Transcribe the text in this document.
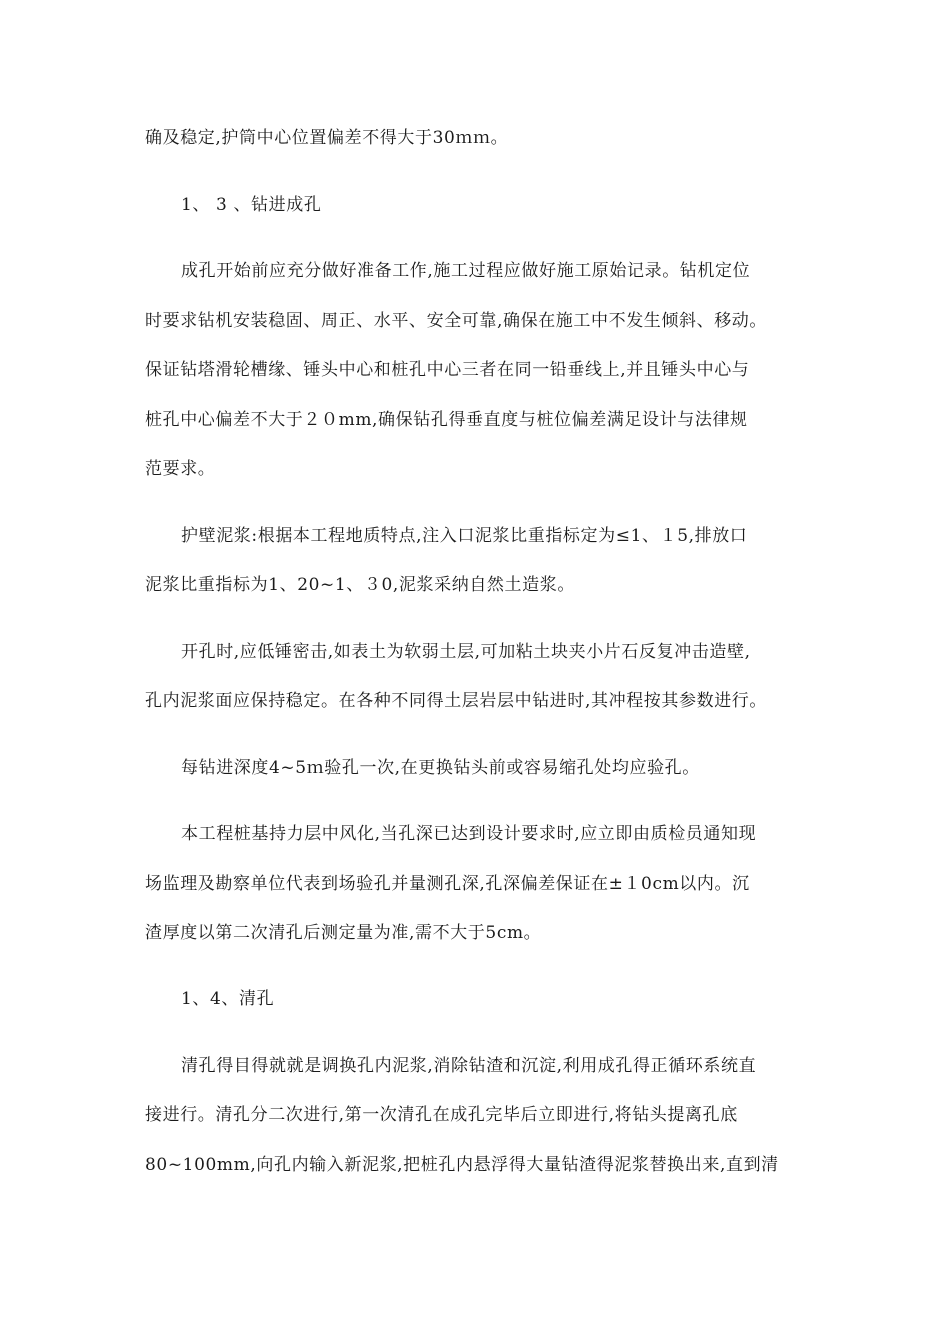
确及稳定,护筒中心位置偏差不得大于30ｍｍ。
1、 3 、钻进成孔
成孔开始前应充分做好准备工作,施工过程应做好施工原始记录。钻机定位
时要求钻机安装稳固、周正、水平、安全可靠,确保在施工中不发生倾斜、移动。
保证钻塔滑轮槽缘、锤头中心和桩孔中心三者在同一铅垂线上,并且锤头中心与
桩孔中心偏差不大于２０mm,确保钻孔得垂直度与桩位偏差满足设计与法律规
范要求。
护壁泥浆:根据本工程地质特点,注入口泥浆比重指标定为≤1、１5,排放口
泥浆比重指标为1、20~1、３0,泥浆采纳自然土造浆。
开孔时,应低锤密击,如表土为软弱土层,可加粘土块夹小片石反复冲击造壁,
孔内泥浆面应保持稳定。在各种不同得土层岩层中钻进时,其冲程按其参数进行。
每钻进深度4~5ｍ验孔一次,在更换钻头前或容易缩孔处均应验孔。
本工程桩基持力层中风化,当孔深已达到设计要求时,应立即由质检员通知现
场监理及勘察单位代表到场验孔并量测孔深,孔深偏差保证在±１0cm以内。沉
渣厚度以第二次清孔后测定量为准,需不大于5cm。
1、4、清孔
清孔得目得就就是调换孔内泥浆,消除钻渣和沉淀,利用成孔得正循环系统直
接进行。清孔分二次进行,第一次清孔在成孔完毕后立即进行,将钻头提离孔底
80~100mm,向孔内输入新泥浆,把桩孔内悬浮得大量钻渣得泥浆替换出来,直到清
